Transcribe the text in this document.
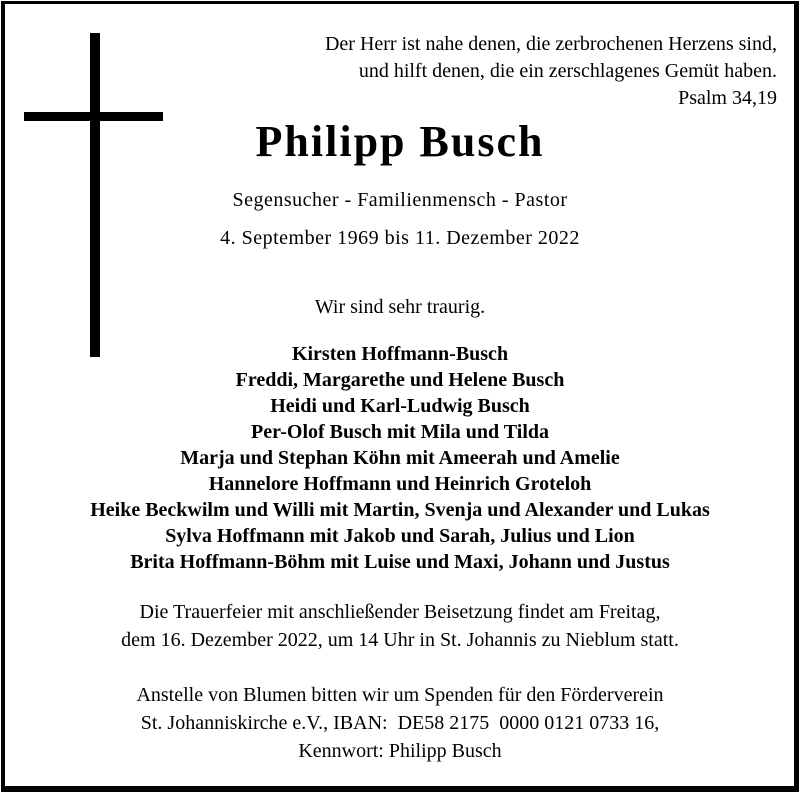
Der Herr ist nahe denen, die zerbrochenen Herzens sind,
und hilft denen, die ein zerschlagenes Gemüt haben.
Psalm 34,19
Philipp Busch
Segensucher - Familienmensch - Pastor
4. September 1969 bis 11. Dezember 2022
Wir sind sehr traurig.
Kirsten Hoffmann-Busch
Freddi, Margarethe und Helene Busch
Heidi und Karl-Ludwig Busch
Per-Olof Busch mit Mila und Tilda
Marja und Stephan Köhn mit Ameerah und Amelie
Hannelore Hoffmann und Heinrich Groteloh
Heike Beckwilm und Willi mit Martin, Svenja und Alexander und Lukas
Sylva Hoffmann mit Jakob und Sarah, Julius und Lion
Brita Hoffmann-Böhm mit Luise und Maxi, Johann und Justus
Die Trauerfeier mit anschließender Beisetzung findet am Freitag,
dem 16. Dezember 2022, um 14 Uhr in St. Johannis zu Nieblum statt.
Anstelle von Blumen bitten wir um Spenden für den Förderverein
St. Johanniskirche e.V., IBAN:  DE58 2175  0000 0121 0733 16,
Kennwort: Philipp Busch
